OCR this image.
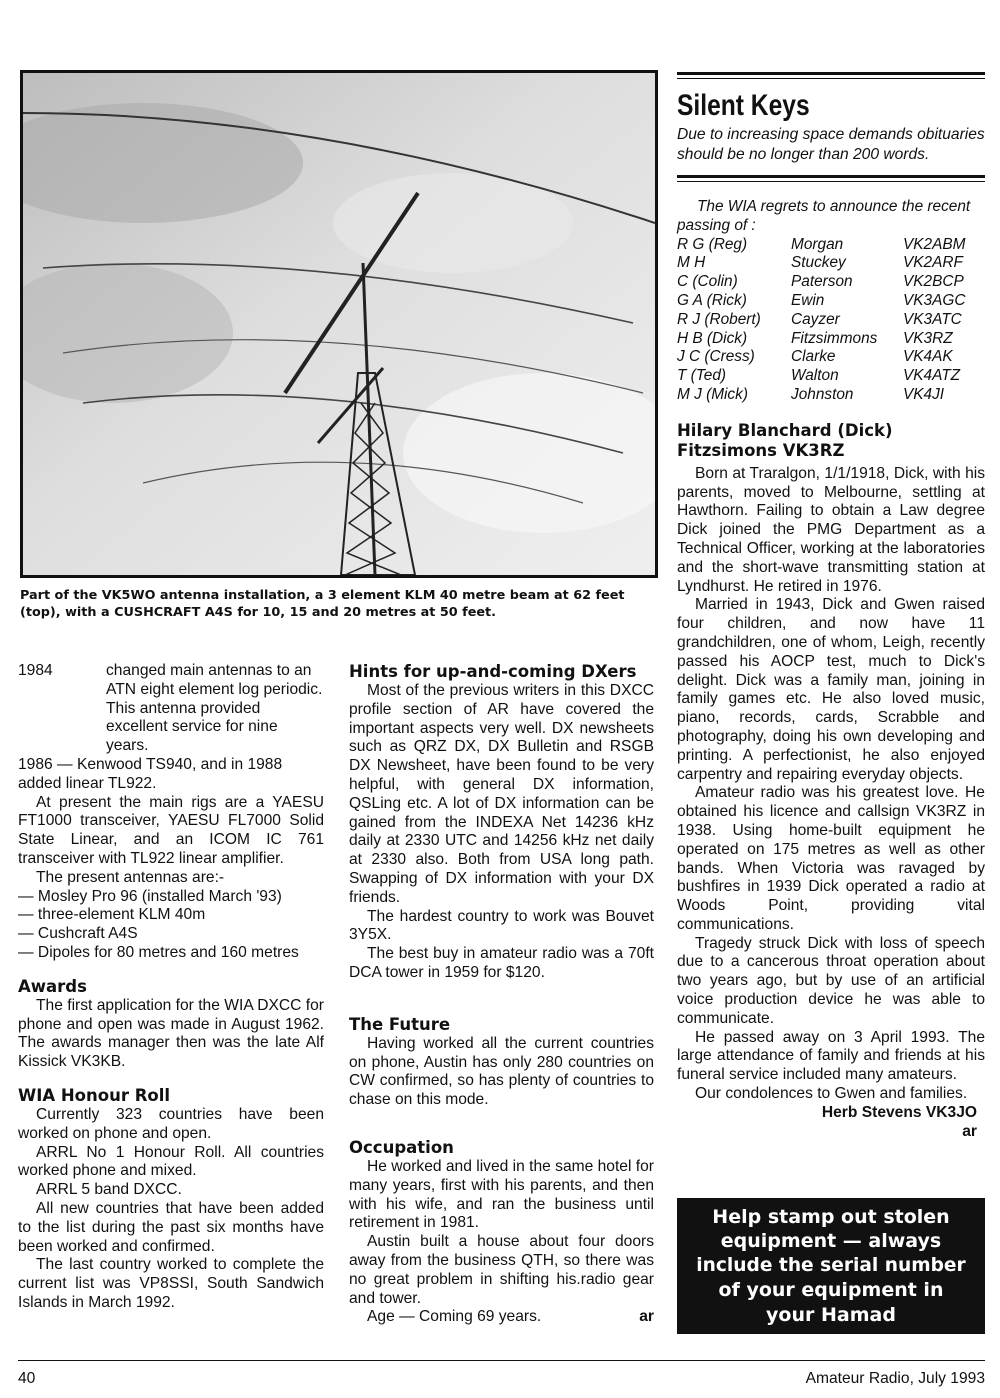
Part of the VK5WO antenna installation, a 3 element KLM 40 metre beam at 62 feet (top), with a CUSHCRAFT A4S for 10, 15 and 20 metres at 50 feet.
1984	changed main antennas to an ATN eight element log periodic. This antenna provided excellent service for nine years.

1986 — Kenwood TS940, and in 1988 added linear TL922.

At present the main rigs are a YAESU FT1000 transceiver, YAESU FL7000 Solid State Linear, and an ICOM IC 761 transceiver with TL922 linear amplifier.

The present antennas are:-

— Mosley Pro 96 (installed March '93)

— three-element KLM 40m

— Cushcraft A4S

— Dipoles for 80 metres and 160 metres

Awards

The first application for the WIA DXCC for phone and open was made in August 1962. The awards manager then was the late Alf Kissick VK3KB.

WIA Honour Roll

Currently 323 countries have been worked on phone and open.

ARRL No 1 Honour Roll. All countries worked phone and mixed.

ARRL 5 band DXCC.

All new countries that have been added to the list during the past six months have been worked and confirmed.

The last country worked to complete the current list was VP8SSI, South Sandwich Islands in March 1992.

Hints for up-and-coming DXers

Most of the previous writers in this DXCC profile section of AR have covered the important aspects very well. DX newsheets such as QRZ DX, DX Bulletin and RSGB DX Newsheet, have been found to be very helpful, with general DX information, QSLing etc. A lot of DX information can be gained from the INDEXA Net 14236 kHz daily at 2330 UTC and 14256 kHz net daily at 2330 also. Both from USA long path. Swapping of DX information with your DX friends.

The hardest country to work was Bouvet 3Y5X.

The best buy in amateur radio was a 70ft DCA tower in 1959 for $120.

The Future

Having worked all the current countries on phone, Austin has only 280 countries on CW confirmed, so has plenty of countries to chase on this mode.

Occupation

He worked and lived in the same hotel for many years, first with his parents, and then with his wife, and ran the business until retirement in 1981.

Austin built a house about four doors away from the business QTH, so there was no great problem in shifting his.radio gear and tower.

Age — Coming 69 years.	ar

Silent Keys

Due to increasing space demands obituaries should be no longer than 200 words.

The WIA regrets to announce the recent passing of :

R G (Reg)	Morgan	VK2ABM
M H	Stuckey	VK2ARF
C (Colin)	Paterson	VK2BCP
G A (Rick)	Ewin	VK3AGC
R J (Robert)	Cayzer	VK3ATC
H B (Dick)	Fitzsimmons	VK3RZ
J C (Cress)	Clarke	VK4AK
T (Ted)	Walton	VK4ATZ
M J (Mick)	Johnston	VK4JI
Hilary Blanchard (Dick)
Fitzsimons VK3RZ

Born at Traralgon, 1/1/1918, Dick, with his parents, moved to Melbourne, settling at Hawthorn. Failing to obtain a Law degree Dick joined the PMG Department as a Technical Officer, working at the laboratories and the short-wave transmitting station at Lyndhurst. He retired in 1976.

Married in 1943, Dick and Gwen raised four children, and now have 11 grandchildren, one of whom, Leigh, recently passed his AOCP test, much to Dick's delight. Dick was a family man, joining in family games etc. He also loved music, piano, records, cards, Scrabble and photography, doing his own developing and printing. A perfectionist, he also enjoyed carpentry and repairing everyday objects.

Amateur radio was his greatest love. He obtained his licence and callsign VK3RZ in 1938. Using home-built equipment he operated on 175 metres as well as other bands. When Victoria was ravaged by bushfires in 1939 Dick operated a radio at Woods Point, providing vital communications.

Tragedy struck Dick with loss of speech due to a cancerous throat operation about two years ago, but by use of an artificial voice production device he was able to communicate.

He passed away on 3 April 1993. The large attendance of family and friends at his funeral service included many amateurs.

Our condolences to Gwen and families.

Herb Stevens VK3JO

ar

Help stamp out stolen
equipment — always
include the serial number
of your equipment in
your Hamad
40	Amateur Radio, July 1993
